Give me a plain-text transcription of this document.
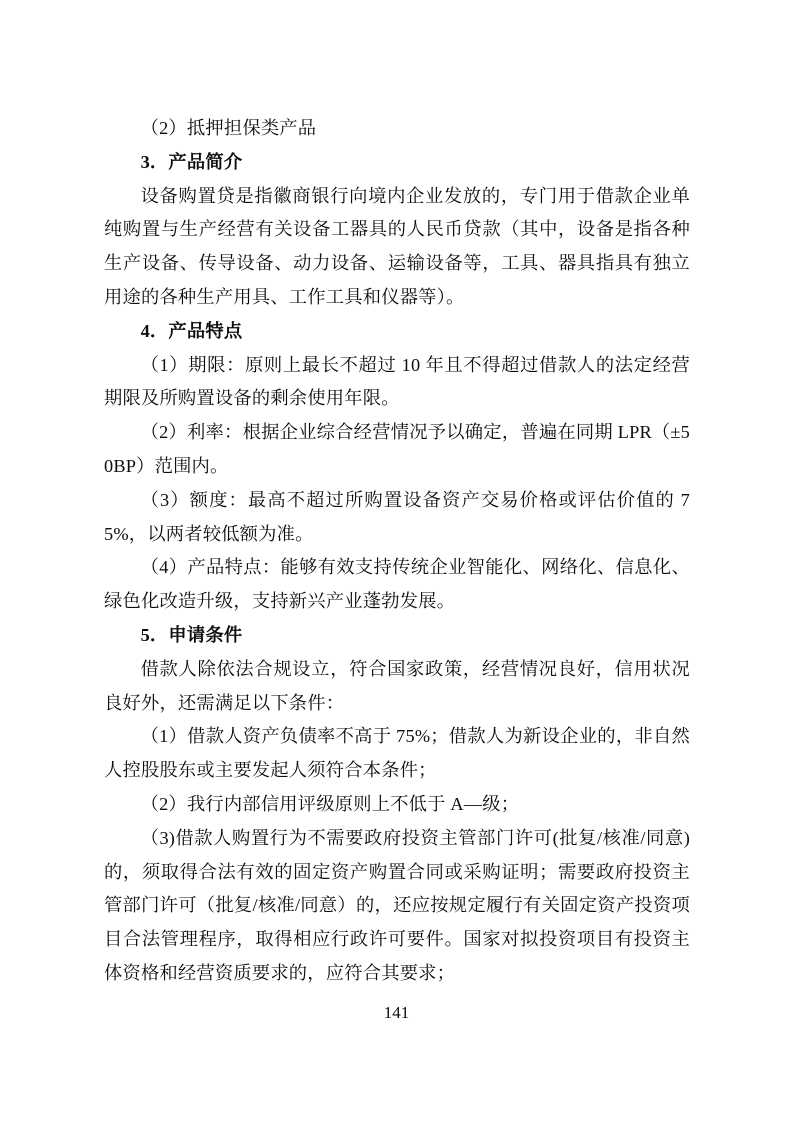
（2）抵押担保类产品

3．产品简介

设备购置贷是指徽商银行向境内企业发放的，专门用于借款企业单纯购置与生产经营有关设备工器具的人民币贷款（其中，设备是指各种生产设备、传导设备、动力设备、运输设备等，工具、器具指具有独立用途的各种生产用具、工作工具和仪器等）。

4．产品特点

（1）期限：原则上最长不超过 10 年且不得超过借款人的法定经营期限及所购置设备的剩余使用年限。

（2）利率：根据企业综合经营情况予以确定，普遍在同期 LPR（±50BP）范围内。

（3）额度：最高不超过所购置设备资产交易价格或评估价值的 75%，以两者较低额为准。

（4）产品特点：能够有效支持传统企业智能化、网络化、信息化、绿色化改造升级，支持新兴产业蓬勃发展。

5．申请条件

借款人除依法合规设立，符合国家政策，经营情况良好，信用状况良好外，还需满足以下条件：

（1）借款人资产负债率不高于 75%；借款人为新设企业的，非自然人控股股东或主要发起人须符合本条件；

（2）我行内部信用评级原则上不低于 A—级；

（3)借款人购置行为不需要政府投资主管部门许可(批复/核准/同意)的，须取得合法有效的固定资产购置合同或采购证明；需要政府投资主管部门许可（批复/核准/同意）的，还应按规定履行有关固定资产投资项目合法管理程序，取得相应行政许可要件。国家对拟投资项目有投资主体资格和经营资质要求的，应符合其要求；

141
